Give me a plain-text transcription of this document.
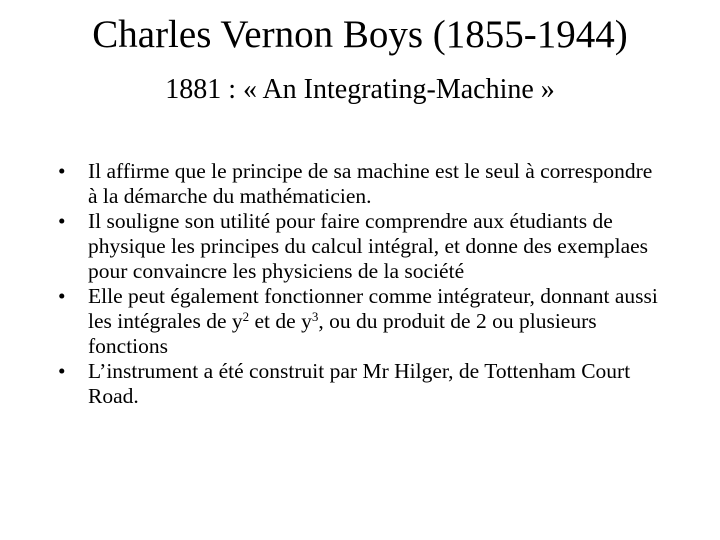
Charles Vernon Boys (1855-1944)
1881 : « An Integrating-Machine »
• Il affirme que le principe de sa machine est le seul à correspondre à la démarche du mathématicien.
• Il souligne son utilité pour faire comprendre aux étudiants de physique les principes du calcul intégral, et donne des exemplaes pour convaincre les physiciens de la société
• Elle peut également fonctionner comme intégrateur, donnant aussi les intégrales de $y^2$ et de $y^3$, ou du produit de 2 ou plusieurs fonctions
• L’instrument a été construit par Mr Hilger, de Tottenham Court Road.
